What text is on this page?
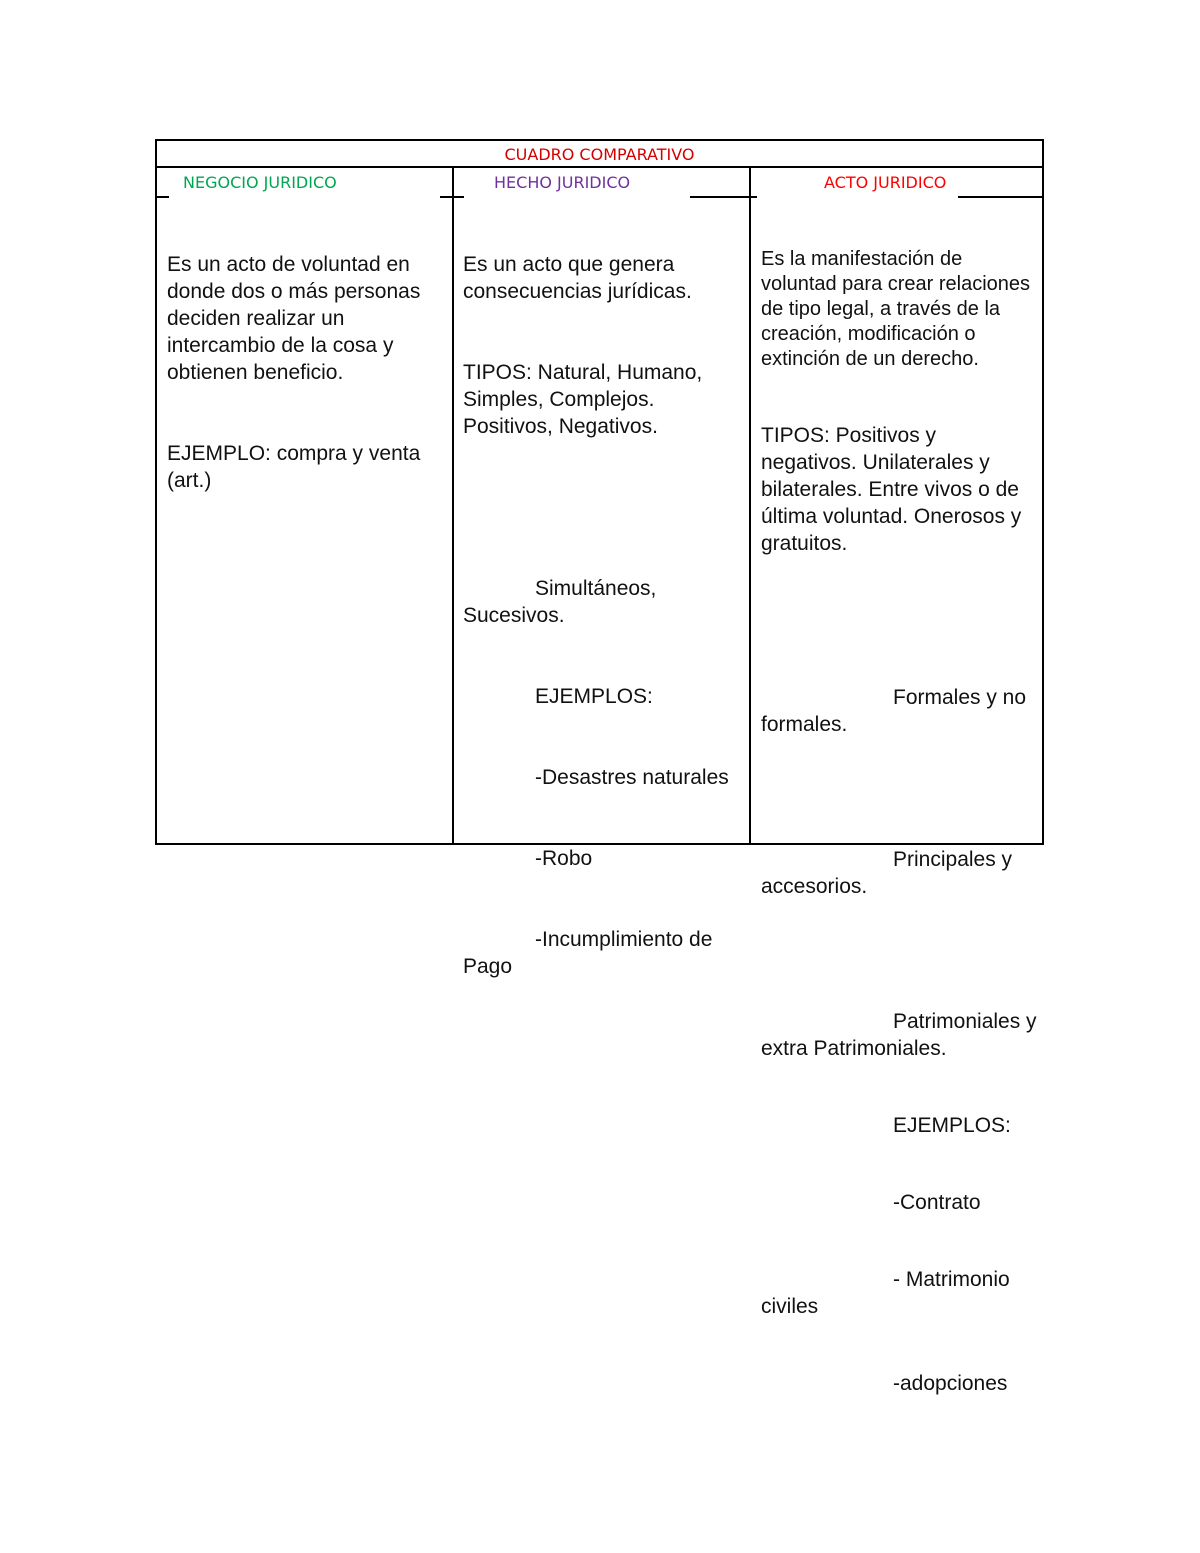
CUADRO COMPARATIVO
NEGOCIO JURIDICO	HECHO JURIDICO	ACTO JURIDICO

Es un acto de voluntad en donde dos o más personas deciden realizar un intercambio de la cosa y obtienen beneficio.

EJEMPLO: compra y venta (art.)

Es un acto que genera consecuencias jurídicas.

TIPOS: Natural, Humano, Simples, Complejos. Positivos, Negativos.

Simultáneos, Sucesivos.

EJEMPLOS:

-Desastres naturales

-Robo

-Incumplimiento de Pago

Es la manifestación de voluntad para crear relaciones de tipo legal, a través de la creación, modificación o extinción de un derecho.

TIPOS: Positivos y negativos. Unilaterales y bilaterales. Entre vivos o de última voluntad. Onerosos y gratuitos.

Formales y no formales.

Principales y accesorios.

Patrimoniales y extra Patrimoniales.

EJEMPLOS:

-Contrato

- Matrimonio civiles

-adopciones
